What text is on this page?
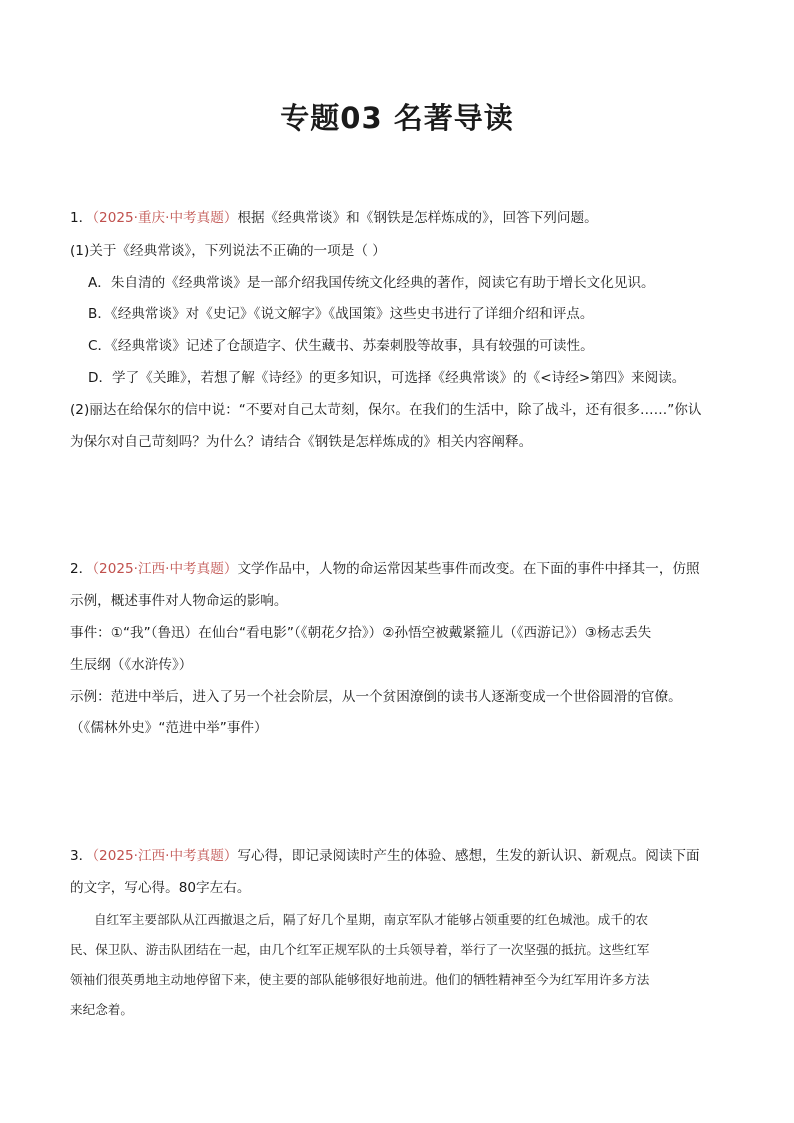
专题03 名著导读
1．（2025·重庆·中考真题）根据《经典常谈》和《钢铁是怎样炼成的》，回答下列问题。
(1)关于《经典常谈》，下列说法不正确的一项是（ ）
A．朱自清的《经典常谈》是一部介绍我国传统文化经典的著作，阅读它有助于增长文化见识。
B．《经典常谈》对《史记》《说文解字》《战国策》这些史书进行了详细介绍和评点。
C．《经典常谈》记述了仓颉造字、伏生藏书、苏秦刺股等故事，具有较强的可读性。
D．学了《关雎》，若想了解《诗经》的更多知识，可选择《经典常谈》的《<诗经>第四》来阅读。
(2)丽达在给保尔的信中说：“不要对自己太苛刻，保尔。在我们的生活中，除了战斗，还有很多……”你认
为保尔对自己苛刻吗？为什么？请结合《钢铁是怎样炼成的》相关内容阐释。
2．（2025·江西·中考真题）文学作品中，人物的命运常因某些事件而改变。在下面的事件中择其一，仿照
示例，概述事件对人物命运的影响。
事件：①“我”（鲁迅）在仙台“看电影”（《朝花夕拾》）②孙悟空被戴紧箍儿（《西游记》）③杨志丢失
生辰纲（《水浒传》）
示例：范进中举后，进入了另一个社会阶层，从一个贫困潦倒的读书人逐渐变成一个世俗圆滑的官僚。
（《儒林外史》“范进中举”事件）
3．（2025·江西·中考真题）写心得，即记录阅读时产生的体验、感想，生发的新认识、新观点。阅读下面
的文字，写心得。80字左右。
自红军主要部队从江西撤退之后，隔了好几个星期，南京军队才能够占领重要的红色城池。成千的农
民、保卫队、游击队团结在一起，由几个红军正规军队的士兵领导着，举行了一次坚强的抵抗。这些红军
领袖们很英勇地主动地停留下来，使主要的部队能够很好地前进。他们的牺牲精神至今为红军用许多方法
来纪念着。
